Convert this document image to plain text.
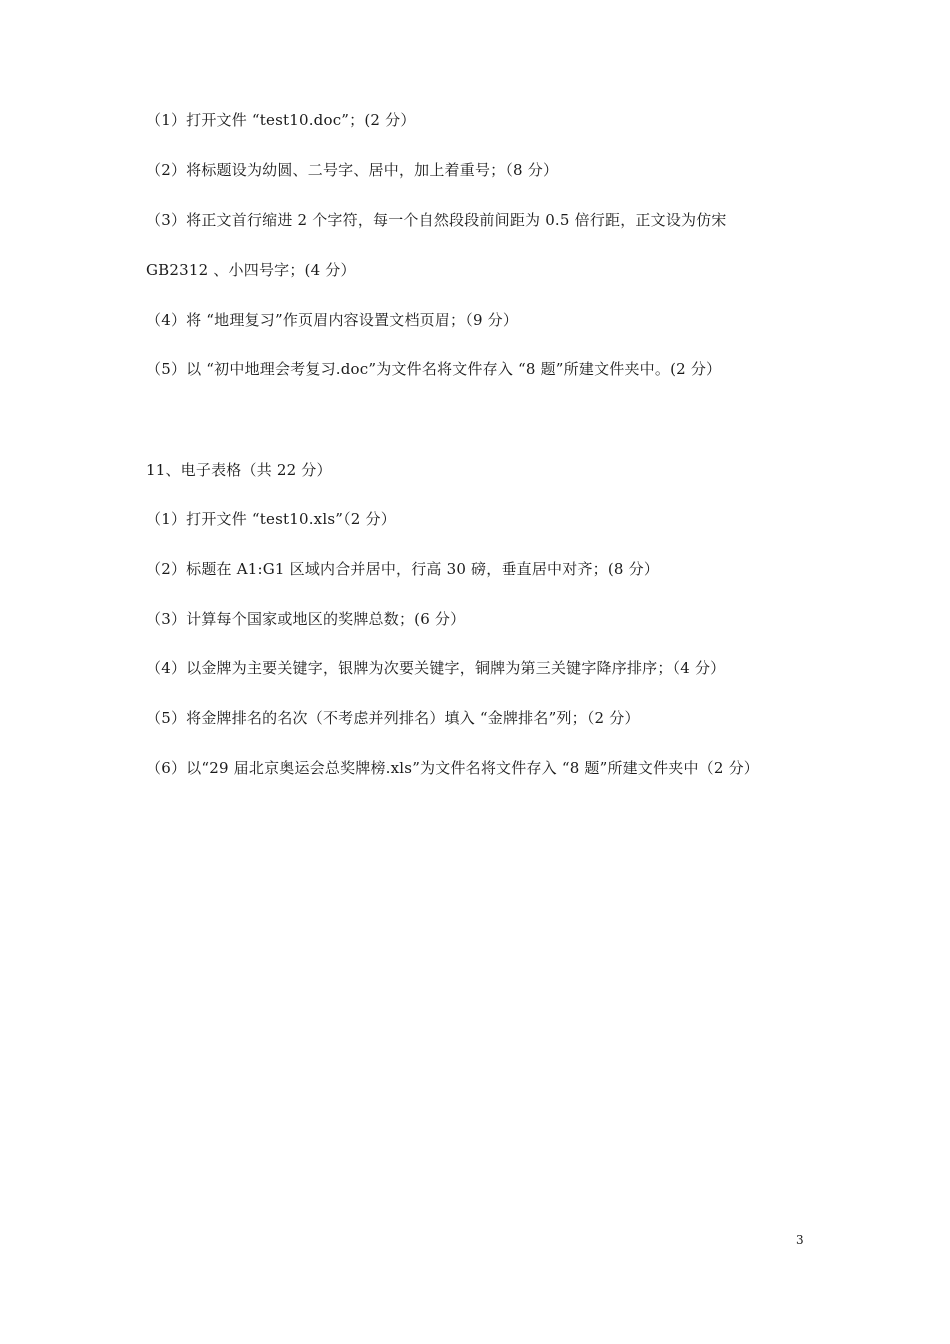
（1）打开文件 “test10.doc”；(2 分）
（2）将标题设为幼圆、二号字、居中，加上着重号；（8 分）
（3）将正文首行缩进 2 个字符，每一个自然段段前间距为 0.5 倍行距，正文设为仿宋
GB2312 、小四号字；(4 分）
（4）将 “地理复习”作页眉内容设置文档页眉；（9 分）
（5）以 “初中地理会考复习.doc”为文件名将文件存入 “8 题”所建文件夹中。(2 分）
11、电子表格（共 22 分）
（1）打开文件 “test10.xls”（2 分）
（2）标题在 A1:G1 区域内合并居中，行高 30 磅，垂直居中对齐；(8 分）
（3）计算每个国家或地区的奖牌总数；(6 分）
（4）以金牌为主要关键字，银牌为次要关键字，铜牌为第三关键字降序排序；（4 分）
（5）将金牌排名的名次（不考虑并列排名）填入 “金牌排名”列；（2 分）
（6）以“29 届北京奥运会总奖牌榜.xls”为文件名将文件存入 “8 题”所建文件夹中（2 分）
3
